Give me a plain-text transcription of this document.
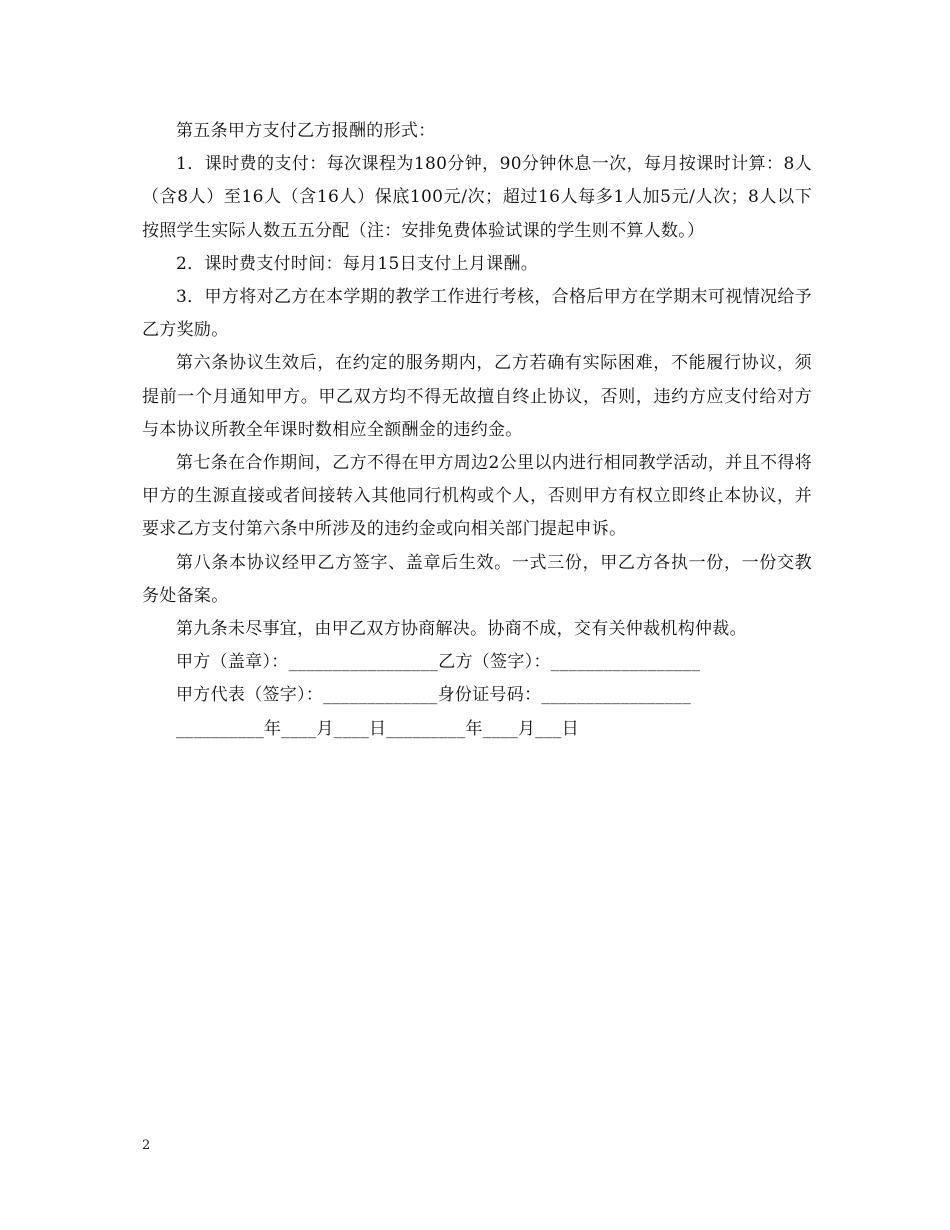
第五条甲方支付乙方报酬的形式：

1．课时费的支付：每次课程为180分钟，90分钟休息一次，每月按课时计算：8人（含8人）至16人（含16人）保底100元/次；超过16人每多1人加5元/人次；8人以下按照学生实际人数五五分配（注：安排免费体验试课的学生则不算人数。）

2．课时费支付时间：每月15日支付上月课酬。

3．甲方将对乙方在本学期的教学工作进行考核，合格后甲方在学期末可视情况给予乙方奖励。

第六条协议生效后，在约定的服务期内，乙方若确有实际困难，不能履行协议，须提前一个月通知甲方。甲乙双方均不得无故擅自终止协议，否则，违约方应支付给对方与本协议所教全年课时数相应全额酬金的违约金。

第七条在合作期间，乙方不得在甲方周边2公里以内进行相同教学活动，并且不得将甲方的生源直接或者间接转入其他同行机构或个人，否则甲方有权立即终止本协议，并要求乙方支付第六条中所涉及的违约金或向相关部门提起申诉。

第八条本协议经甲乙方签字、盖章后生效。一式三份，甲乙方各执一份，一份交教务处备案。

第九条未尽事宜，由甲乙双方协商解决。协商不成，交有关仲裁机构仲裁。

甲方（盖章）：_________________乙方（签字）：_________________

甲方代表（签字）：_____________身份证号码：_________________

__________年____月____日_________年____月___日

2
